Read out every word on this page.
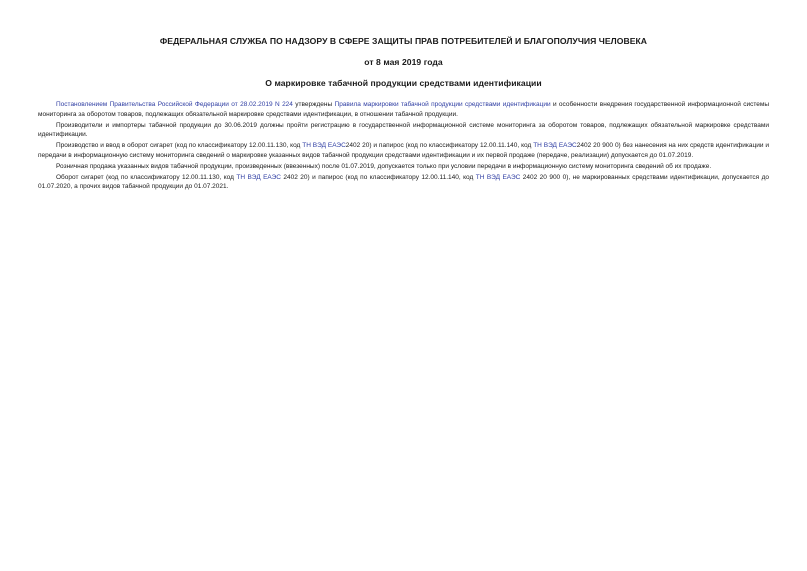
ФЕДЕРАЛЬНАЯ СЛУЖБА ПО НАДЗОРУ В СФЕРЕ ЗАЩИТЫ ПРАВ ПОТРЕБИТЕЛЕЙ И БЛАГОПОЛУЧИЯ ЧЕЛОВЕКА

от 8 мая 2019 года

О маркировке табачной продукции средствами идентификации

Постановлением Правительства Российской Федерации от 28.02.2019 N 224 утверждены Правила маркировки табачной продукции средствами идентификации и особенности внедрения государственной информационной системы мониторинга за оборотом товаров, подлежащих обязательной маркировке средствами идентификации, в отношении табачной продукции.

Производители и импортеры табачной продукции до 30.06.2019 должны пройти регистрацию в государственной информационной системе мониторинга за оборотом товаров, подлежащих обязательной маркировке средствами идентификации.

Производство и ввод в оборот сигарет (код по классификатору 12.00.11.130, код ТН ВЭД ЕАЭС2402 20) и папирос (код по классификатору 12.00.11.140, код ТН ВЭД ЕАЭС2402 20 900 0) без нанесения на них средств идентификации и передачи в информационную систему мониторинга сведений о маркировке указанных видов табачной продукции средствами идентификации и их первой продаже (передаче, реализации) допускается до 01.07.2019.

Розничная продажа указанных видов табачной продукции, произведенных (ввезенных) после 01.07.2019, допускается только при условии передачи в информационную систему мониторинга сведений об их продаже.

Оборот сигарет (код по классификатору 12.00.11.130, код ТН ВЭД ЕАЭС 2402 20) и папирос (код по классификатору 12.00.11.140, код ТН ВЭД ЕАЭС 2402 20 900 0), не маркированных средствами идентификации, допускается до 01.07.2020, а прочих видов табачной продукции до 01.07.2021.
